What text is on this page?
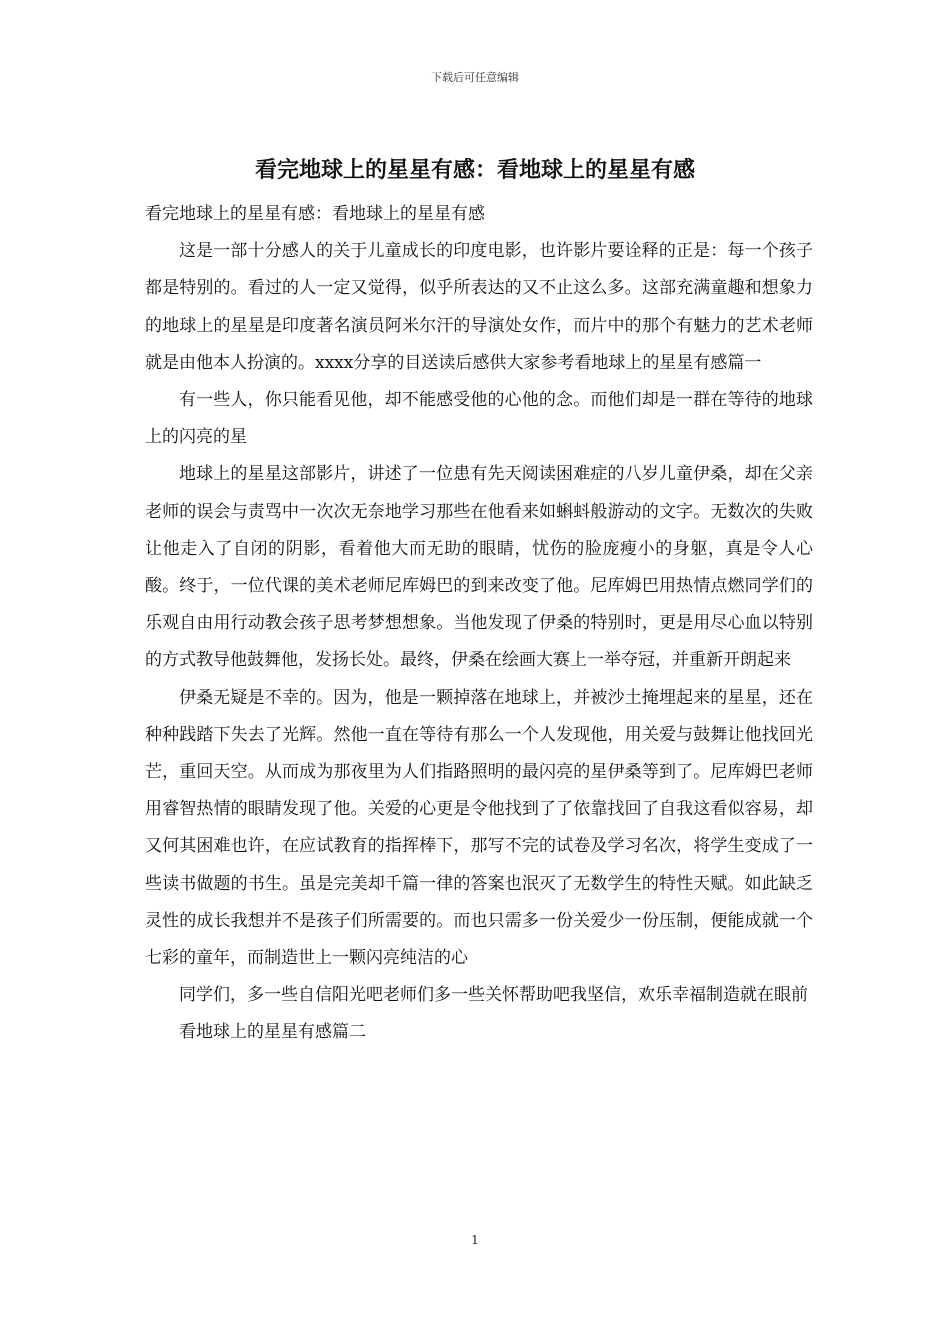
下载后可任意编辑
看完地球上的星星有感：看地球上的星星有感

看完地球上的星星有感：看地球上的星星有感

这是一部十分感人的关于儿童成长的印度电影，也许影片要诠释的正是：每一个孩子都是特别的。看过的人一定又觉得，似乎所表达的又不止这么多。这部充满童趣和想象力的地球上的星星是印度著名演员阿米尔汗的导演处女作，而片中的那个有魅力的艺术老师就是由他本人扮演的。xxxx分享的目送读后感供大家参考看地球上的星星有感篇一

有一些人，你只能看见他，却不能感受他的心他的念。而他们却是一群在等待的地球上的闪亮的星

地球上的星星这部影片，讲述了一位患有先天阅读困难症的八岁儿童伊桑，却在父亲老师的误会与责骂中一次次无奈地学习那些在他看来如蝌蚪般游动的文字。无数次的失败让他走入了自闭的阴影，看着他大而无助的眼睛，忧伤的脸庞瘦小的身躯，真是令人心酸。终于，一位代课的美术老师尼库姆巴的到来改变了他。尼库姆巴用热情点燃同学们的乐观自由用行动教会孩子思考梦想想象。当他发现了伊桑的特别时，更是用尽心血以特别的方式教导他鼓舞他，发扬长处。最终，伊桑在绘画大赛上一举夺冠，并重新开朗起来

伊桑无疑是不幸的。因为，他是一颗掉落在地球上，并被沙土掩埋起来的星星，还在种种践踏下失去了光辉。然他一直在等待有那么一个人发现他，用关爱与鼓舞让他找回光芒，重回天空。从而成为那夜里为人们指路照明的最闪亮的星伊桑等到了。尼库姆巴老师用睿智热情的眼睛发现了他。关爱的心更是令他找到了了依靠找回了自我这看似容易，却又何其困难也许，在应试教育的指挥棒下，那写不完的试卷及学习名次，将学生变成了一些读书做题的书生。虽是完美却千篇一律的答案也泯灭了无数学生的特性天赋。如此缺乏灵性的成长我想并不是孩子们所需要的。而也只需多一份关爱少一份压制，便能成就一个七彩的童年，而制造世上一颗闪亮纯洁的心

同学们，多一些自信阳光吧老师们多一些关怀帮助吧我坚信，欢乐幸福制造就在眼前

看地球上的星星有感篇二

1
